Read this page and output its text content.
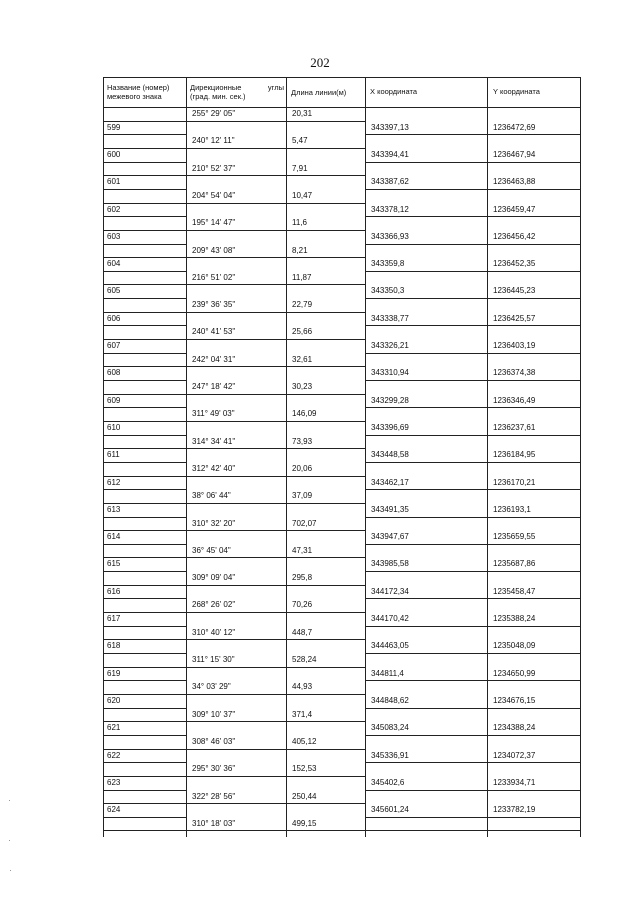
202
Название (номер)
межевого знака
Дирекционные	углы
(град. мин. сек.)	Длина линии(м)	X координата	Y координата
255° 29' 05"	20,31
599	343397,13	1236472,69
240° 12' 11"	5,47
600	343394,41	1236467,94
210° 52' 37"	7,91
601	343387,62	1236463,88
204° 54' 04"	10,47
602	343378,12	1236459,47
195° 14' 47"	11,6
603	343366,93	1236456,42
209° 43' 08"	8,21
604	343359,8	1236452,35
216° 51' 02"	11,87
605	343350,3	1236445,23
239° 36' 35"	22,79
606	343338,77	1236425,57
240° 41' 53"	25,66
607	343326,21	1236403,19
242° 04' 31"	32,61
608	343310,94	1236374,38
247° 18' 42"	30,23
609	343299,28	1236346,49
311° 49' 03"	146,09
610	343396,69	1236237,61
314° 34' 41"	73,93
611	343448,58	1236184,95
312° 42' 40"	20,06
612	343462,17	1236170,21
38° 06' 44"	37,09
613	343491,35	1236193,1
310° 32' 20"	702,07
614	343947,67	1235659,55
36° 45' 04"	47,31
615	343985,58	1235687,86
309° 09' 04"	295,8
616	344172,34	1235458,47
268° 26' 02"	70,26
617	344170,42	1235388,24
310° 40' 12"	448,7
618	344463,05	1235048,09
311° 15' 30"	528,24
619	344811,4	1234650,99
34° 03' 29"	44,93
620	344848,62	1234676,15
309° 10' 37"	371,4
621	345083,24	1234388,24
308° 46' 03"	405,12
622	345336,91	1234072,37
295° 30' 36"	152,53
623	345402,6	1233934,71
322° 28' 56"	250,44
624	345601,24	1233782,19
310° 18' 03"	499,15
